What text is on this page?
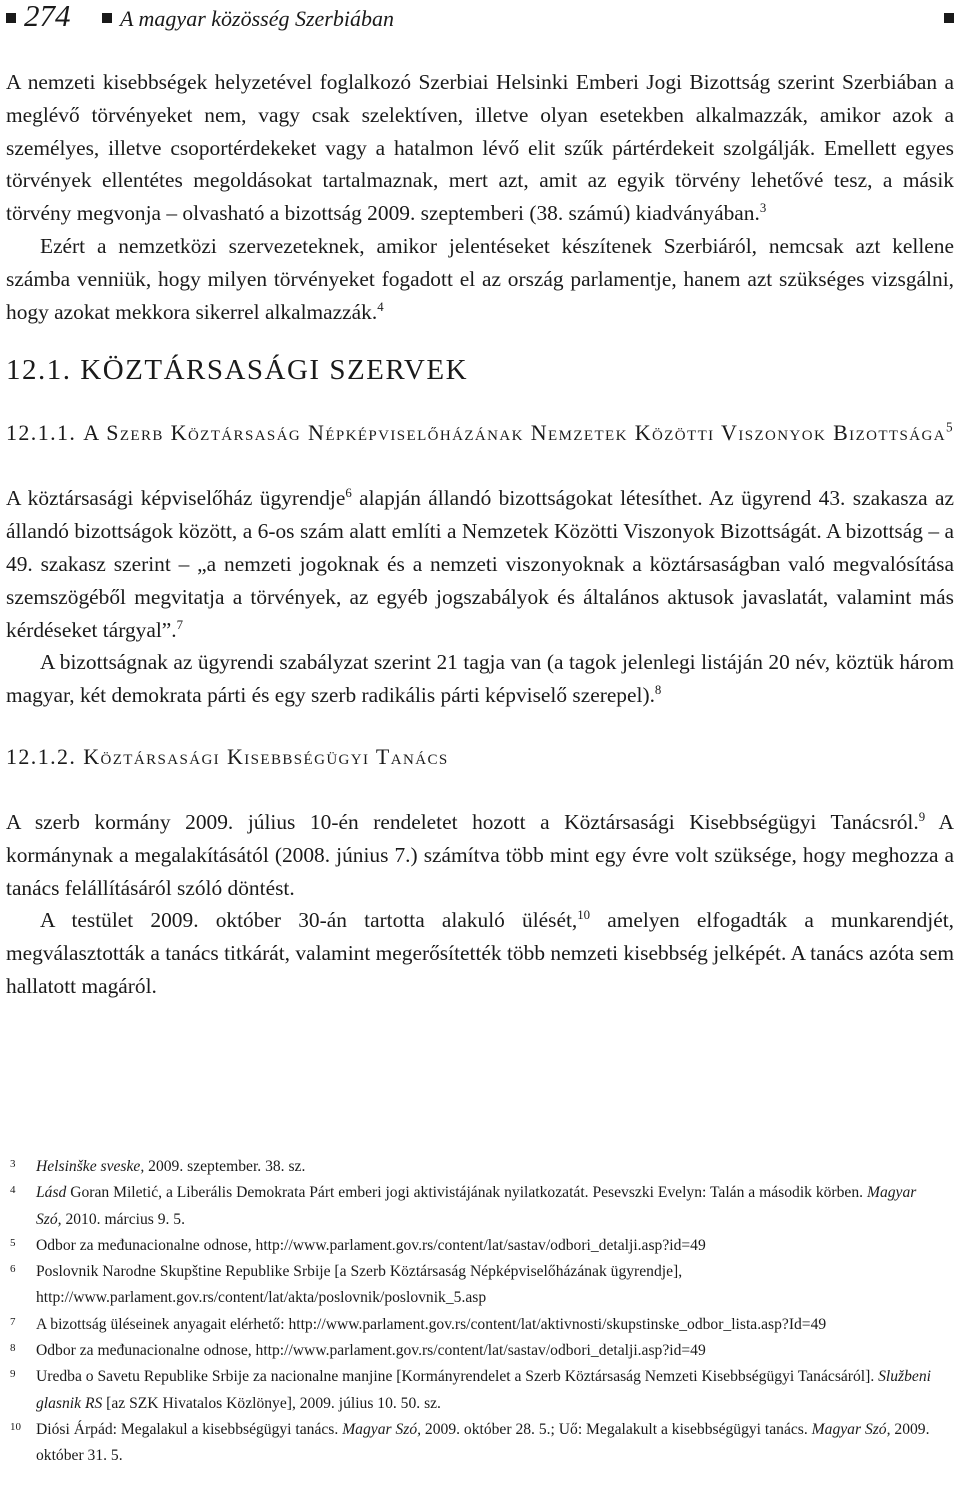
274 A magyar közösség Szerbiában

A nemzeti kisebbségek helyzetével foglalkozó Szerbiai Helsinki Emberi Jogi Bizottság szerint Szerbiában a meglévő törvényeket nem, vagy csak szelektíven, illetve olyan esetekben alkalmazzák, amikor azok a személyes, illetve csoportérdekeket vagy a hatalmon lévő elit szűk pártérdekeit szolgálják. Emellett egyes törvények ellentétes megoldásokat tartalmaznak, mert azt, amit az egyik törvény lehetővé tesz, a másik törvény megvonja – olvasható a bizottság 2009. szeptemberi (38. számú) kiadványában.$^3$

Ezért a nemzetközi szervezeteknek, amikor jelentéseket készítenek Szerbiáról, nemcsak azt kellene számba venniük, hogy milyen törvényeket fogadott el az ország parlamentje, hanem azt szükséges vizsgálni, hogy azokat mekkora sikerrel alkalmazzák.$^4$

12.1. KÖZTÁRSASÁGI SZERVEK
12.1.1. A Szerb Köztársaság Népképviselőházának Nemzetek Közötti Viszonyok Bizottsága$^5$

A köztársasági képviselőház ügyrendje$^6$ alapján állandó bizottságokat létesíthet. Az ügyrend 43. szakasza az állandó bizottságok között, a 6-os szám alatt említi a Nemzetek Közötti Viszonyok Bizottságát. A bizottság – a 49. szakasz szerint – „a nemzeti jogoknak és a nemzeti viszonyoknak a köztársaságban való megvalósítása szemszögéből megvitatja a törvények, az egyéb jogszabályok és általános aktusok javaslatát, valamint más kérdéseket tárgyal”.$^7$

A bizottságnak az ügyrendi szabályzat szerint 21 tagja van (a tagok jelenlegi listáján 20 név, köztük három magyar, két demokrata párti és egy szerb radikális párti képviselő szerepel).$^8$

12.1.2. Köztársasági Kisebbségügyi Tanács

A szerb kormány 2009. július 10-én rendeletet hozott a Köztársasági Kisebbségügyi Tanácsról.$^9$ A kormánynak a megalakításától (2008. június 7.) számítva több mint egy évre volt szüksége, hogy meghozza a tanács felállításáról szóló döntést.

A testület 2009. október 30-án tartotta alakuló ülését,$^{10}$ amelyen elfogadták a munkarendjét, megválasztották a tanács titkárát, valamint megerősítették több nemzeti kisebbség jelképét. A tanács azóta sem hallatott magáról.

3 Helsinške sveske, 2009. szeptember. 38. sz.
4 Lásd Goran Miletić, a Liberális Demokrata Párt emberi jogi aktivistájának nyilatkozatát. Pesevszki Evelyn: Talán a második körben. Magyar Szó, 2010. március 9. 5.
5 Odbor za međunacionalne odnose, http://www.parlament.gov.rs/content/lat/sastav/odbori_detalji.asp?id=49
6 Poslovnik Narodne Skupštine Republike Srbije [a Szerb Köztársaság Népképviselőházának ügyrendje], http://www.parlament.gov.rs/content/lat/akta/poslovnik/poslovnik_5.asp
7 A bizottság üléseinek anyagait elérhető: http://www.parlament.gov.rs/content/lat/aktivnosti/skupstinske_odbor_lista.asp?Id=49
8 Odbor za međunacionalne odnose, http://www.parlament.gov.rs/content/lat/sastav/odbori_detalji.asp?id=49
9 Uredba o Savetu Republike Srbije za nacionalne manjine [Kormányrendelet a Szerb Köztársaság Nemzeti Kisebbségügyi Tanácsáról]. Službeni glasnik RS [az SZK Hivatalos Közlönye], 2009. július 10. 50. sz.
10 Diósi Árpád: Megalakul a kisebbségügyi tanács. Magyar Szó, 2009. október 28. 5.; Uő: Megalakult a kisebbségügyi tanács. Magyar Szó, 2009. október 31. 5.
